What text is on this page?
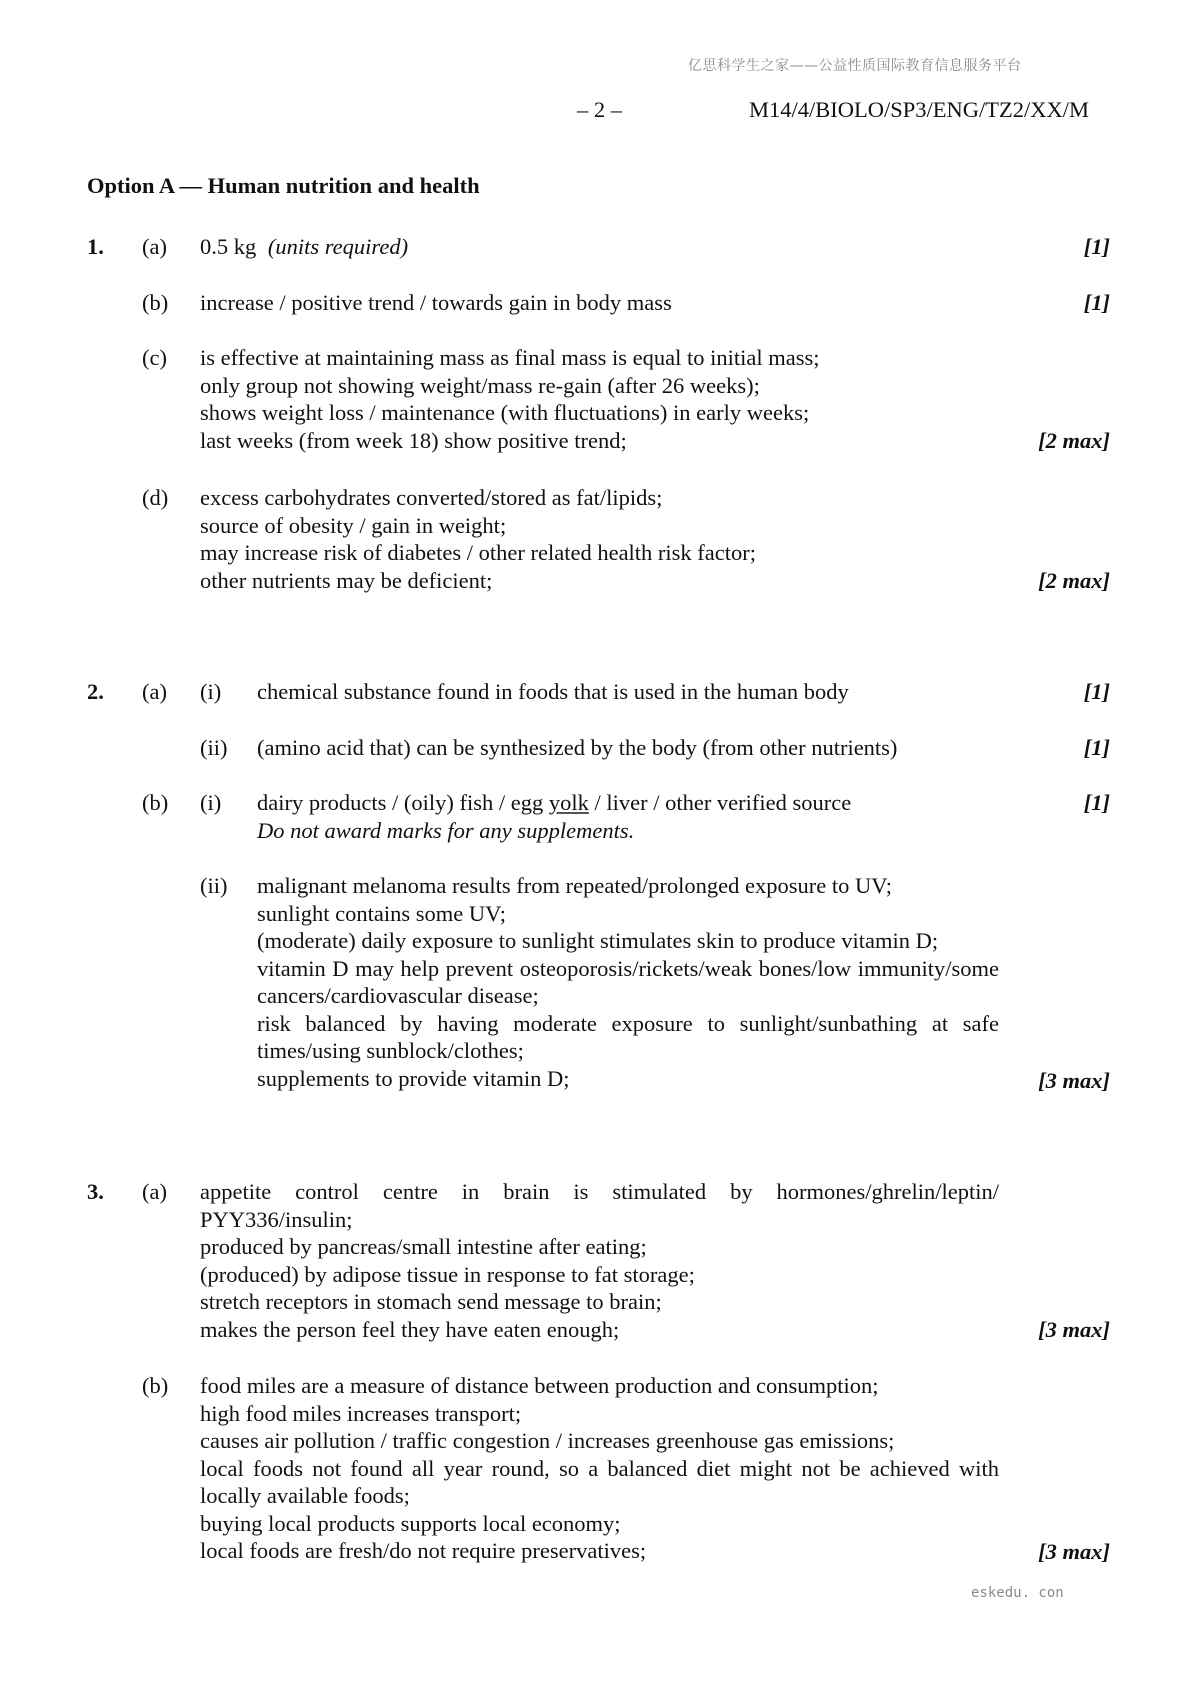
亿思科学生之家——公益性质国际教育信息服务平台
– 2 –	M14/4/BIOLO/SP3/ENG/TZ2/XX/M
Option A — Human nutrition and health
1. (a) 0.5 kg (units required)	[1]
(b) increase / positive trend / towards gain in body mass	[1]
(c) is effective at maintaining mass as final mass is equal to initial mass;
only group not showing weight/mass re-gain (after 26 weeks);
shows weight loss / maintenance (with fluctuations) in early weeks;
last weeks (from week 18) show positive trend;	[2 max]
(d) excess carbohydrates converted/stored as fat/lipids;
source of obesity / gain in weight;
may increase risk of diabetes / other related health risk factor;
other nutrients may be deficient;	[2 max]
2. (a) (i) chemical substance found in foods that is used in the human body	[1]
(ii) (amino acid that) can be synthesized by the body (from other nutrients)	[1]
(b) (i) dairy products / (oily) fish / egg yolk / liver / other verified source
Do not award marks for any supplements.
[1]
(ii) malignant melanoma results from repeated/prolonged exposure to UV;
sunlight contains some UV;
(moderate) daily exposure to sunlight stimulates skin to produce vitamin D;
vitamin D may help prevent osteoporosis/rickets/weak bones/low immunity/some cancers/cardiovascular disease;
risk balanced by having moderate exposure to sunlight/sunbathing at safe times/using sunblock/clothes;
supplements to provide vitamin D;	[3 max]
3. (a) appetite control centre in brain is stimulated by hormones/ghrelin/leptin/ PYY336/insulin;
produced by pancreas/small intestine after eating;
(produced) by adipose tissue in response to fat storage;
stretch receptors in stomach send message to brain;
makes the person feel they have eaten enough;	[3 max]
(b) food miles are a measure of distance between production and consumption;
high food miles increases transport;
causes air pollution / traffic congestion / increases greenhouse gas emissions;
local foods not found all year round, so a balanced diet might not be achieved with locally available foods;
buying local products supports local economy;
local foods are fresh/do not require preservatives;	[3 max]
eskedu. con
